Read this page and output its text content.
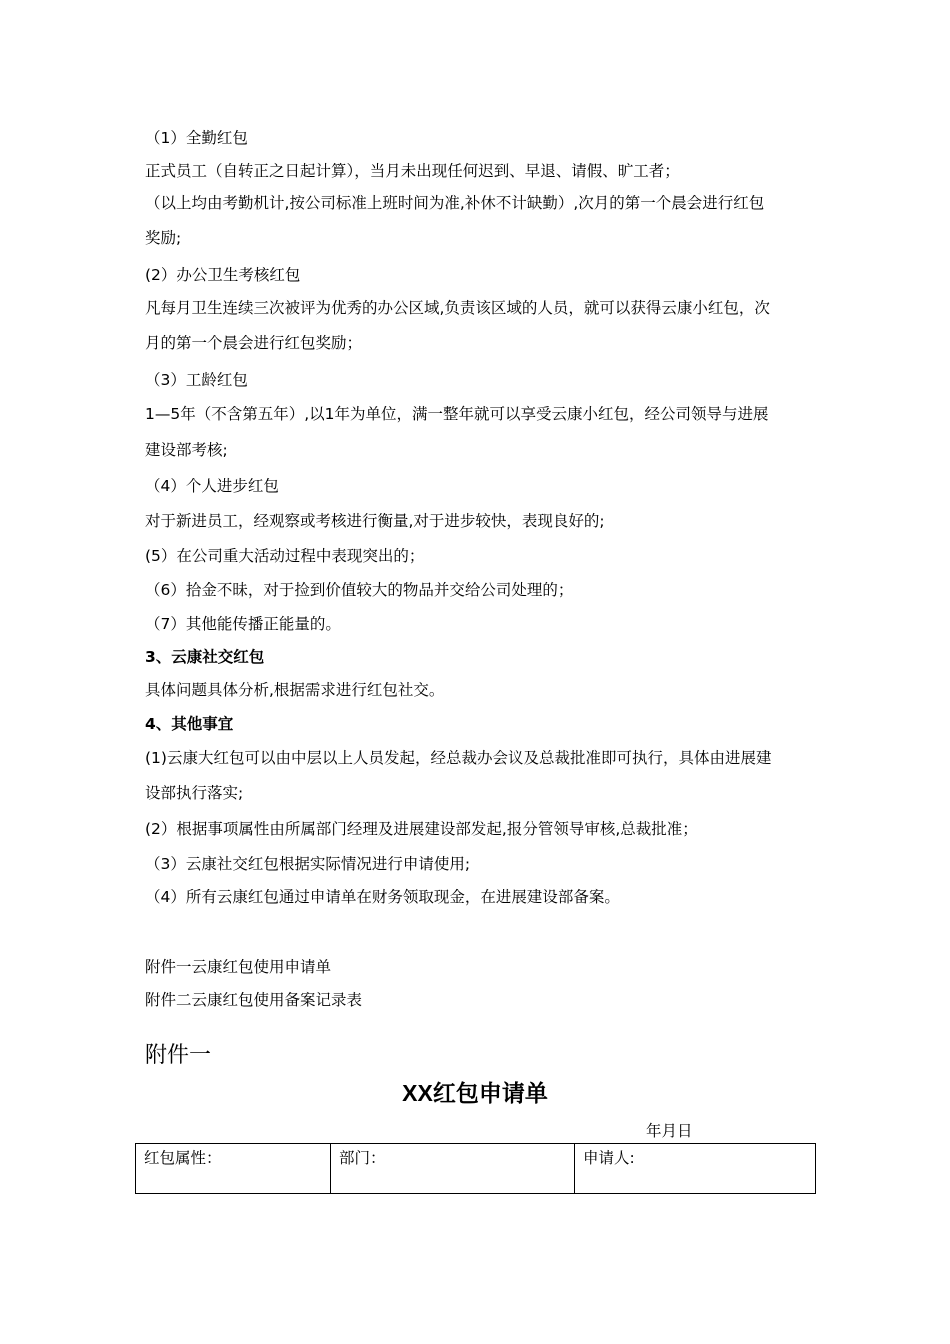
（1）全勤红包
正式员工（自转正之日起计算），当月未出现任何迟到、早退、请假、旷工者；
（以上均由考勤机计,按公司标准上班时间为准,补休不计缺勤）,次月的第一个晨会进行红包
奖励;
(2）办公卫生考核红包
凡每月卫生连续三次被评为优秀的办公区域,负责该区域的人员，就可以获得云康小红包，次
月的第一个晨会进行红包奖励；
（3）工龄红包
1—5年（不含第五年）,以1年为单位，满一整年就可以享受云康小红包，经公司领导与进展
建设部考核;
（4）个人进步红包
对于新进员工，经观察或考核进行衡量,对于进步较快，表现良好的;
(5）在公司重大活动过程中表现突出的；
（6）拾金不昧，对于捡到价值较大的物品并交给公司处理的；
（7）其他能传播正能量的。
3、云康社交红包
具体问题具体分析,根据需求进行红包社交。
4、其他事宜
(1)云康大红包可以由中层以上人员发起，经总裁办会议及总裁批准即可执行，具体由进展建
设部执行落实;
(2）根据事项属性由所属部门经理及进展建设部发起,报分管领导审核,总裁批准；
（3）云康社交红包根据实际情况进行申请使用;
（4）所有云康红包通过申请单在财务领取现金，在进展建设部备案。
附件一云康红包使用申请单
附件二云康红包使用备案记录表
附件一
XX红包申请单
年月日
红包属性：	部门：	申请人:
